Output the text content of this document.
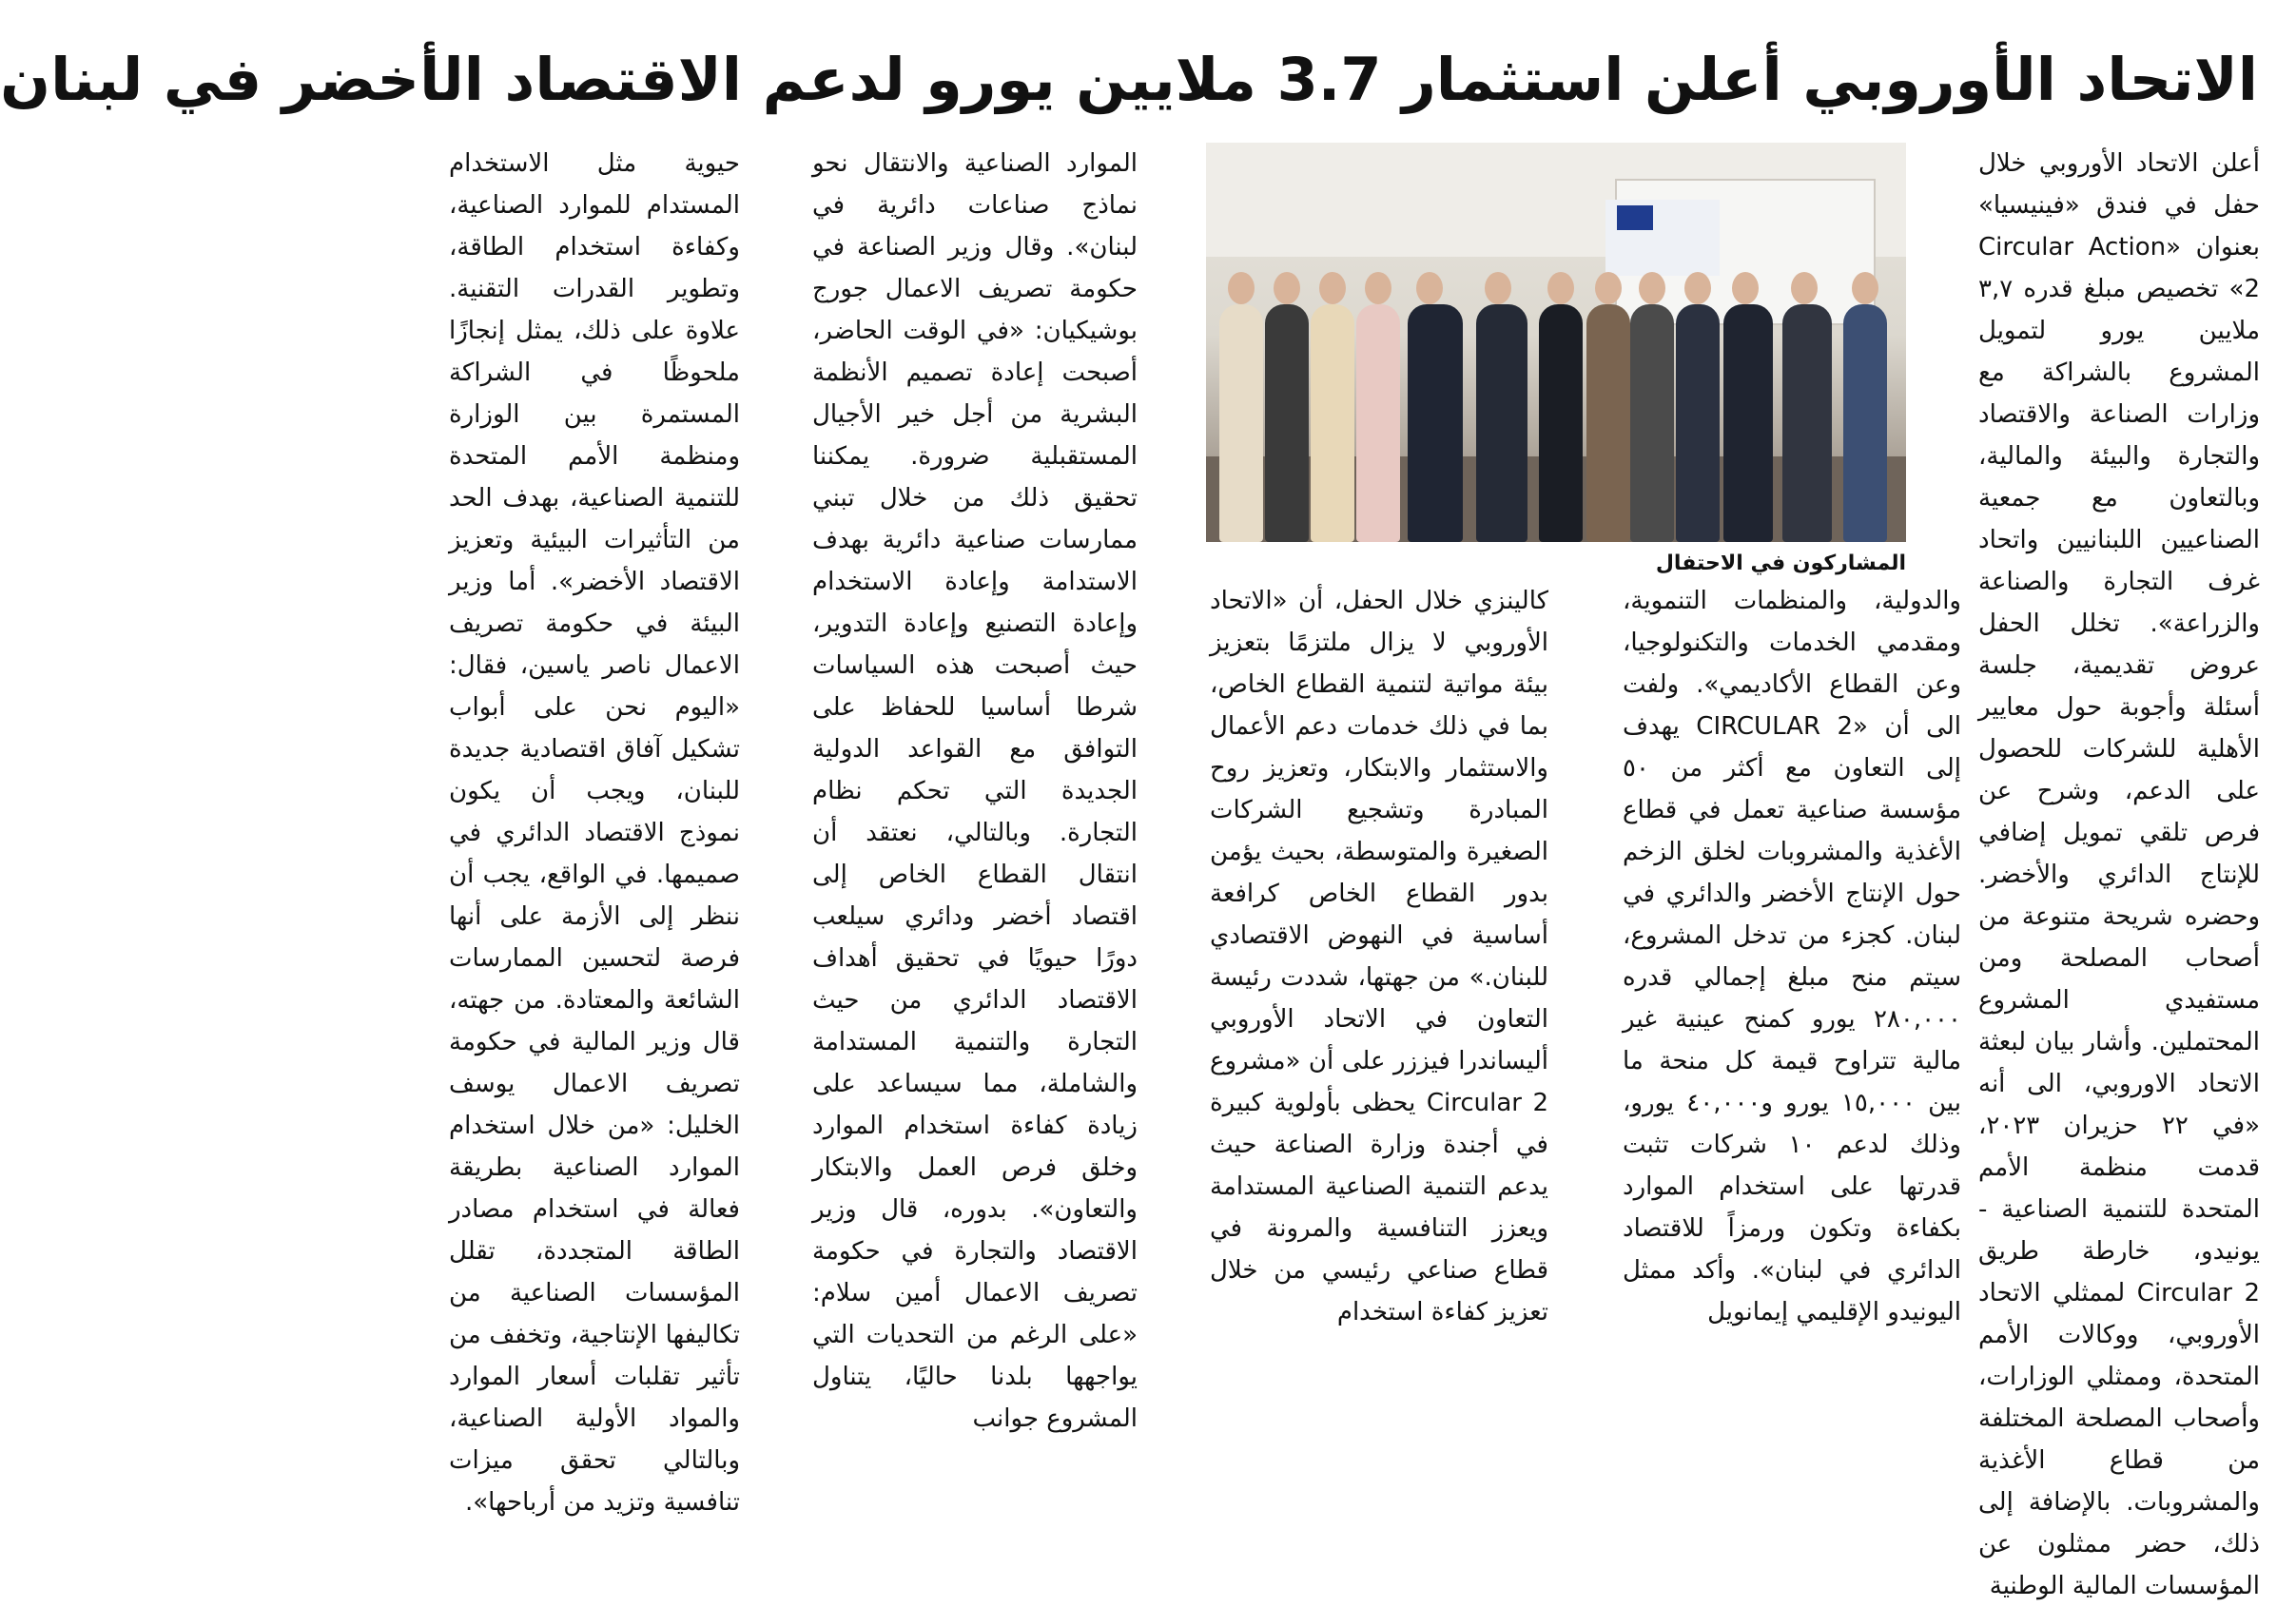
الاتحاد الأوروبي أعلن استثمار 3.7 ملايين يورو لدعم الاقتصاد الأخضر في لبنان

أعلن الاتحاد الأوروبي خلال حفل في فندق «فينيسيا» بعنوان «Circular Action 2» تخصيص مبلغ قدره ٣,٧ ملايين يورو لتمويل المشروع بالشراكة مع وزارات الصناعة والاقتصاد والتجارة والبيئة والمالية، وبالتعاون مع جمعية الصناعيين اللبنانيين واتحاد غرف التجارة والصناعة والزراعة». تخلل الحفل عروض تقديمية، جلسة أسئلة وأجوبة حول معايير الأهلية للشركات للحصول على الدعم، وشرح عن فرص تلقي تمويل إضافي للإنتاج الدائري والأخضر. وحضره شريحة متنوعة من أصحاب المصلحة ومن مستفيدي المشروع المحتملين. وأشار بيان لبعثة الاتحاد الاوروبي، الى أنه «في ٢٢ حزيران ٢٠٢٣، قدمت منظمة الأمم المتحدة للتنمية الصناعية - يونيدو، خارطة طريق Circular 2 لممثلي الاتحاد الأوروبي، ووكالات الأمم المتحدة، وممثلي الوزارات، وأصحاب المصلحة المختلفة من قطاع الأغذية والمشروبات. بالإضافة إلى ذلك، حضر ممثلون عن المؤسسات المالية الوطنية

المشاركون في الاحتفال

والدولية، والمنظمات التنموية، ومقدمي الخدمات والتكنولوجيا، وعن القطاع الأكاديمي». ولفت الى أن «CIRCULAR 2 يهدف إلى التعاون مع أكثر من ٥٠ مؤسسة صناعية تعمل في قطاع الأغذية والمشروبات لخلق الزخم حول الإنتاج الأخضر والدائري في لبنان. كجزء من تدخل المشروع، سيتم منح مبلغ إجمالي قدره ٢٨٠,٠٠٠ يورو كمنح عينية غير مالية تتراوح قيمة كل منحة ما بين ١٥,٠٠٠ يورو و٤٠,٠٠٠ يورو، وذلك لدعم ١٠ شركات تثبت قدرتها على استخدام الموارد بكفاءة وتكون ورمزاً للاقتصاد الدائري في لبنان». وأكد ممثل اليونيدو الإقليمي إيمانويل

كالينزي خلال الحفل، أن «الاتحاد الأوروبي لا يزال ملتزمًا بتعزيز بيئة مواتية لتنمية القطاع الخاص، بما في ذلك خدمات دعم الأعمال والاستثمار والابتكار، وتعزيز روح المبادرة وتشجيع الشركات الصغيرة والمتوسطة، بحيث يؤمن بدور القطاع الخاص كرافعة أساسية في النهوض الاقتصادي للبنان.» من جهتها، شددت رئيسة التعاون في الاتحاد الأوروبي أليساندرا فيززر على أن «مشروع Circular 2 يحظى بأولوية كبيرة في أجندة وزارة الصناعة حيث يدعم التنمية الصناعية المستدامة ويعزز التنافسية والمرونة في قطاع صناعي رئيسي من خلال تعزيز كفاءة استخدام

الموارد الصناعية والانتقال نحو نماذج صناعات دائرية في لبنان». وقال وزير الصناعة في حكومة تصريف الاعمال جورج بوشيكيان: «في الوقت الحاضر، أصبحت إعادة تصميم الأنظمة البشرية من أجل خير الأجيال المستقبلية ضرورة. يمكننا تحقيق ذلك من خلال تبني ممارسات صناعية دائرية بهدف الاستدامة وإعادة الاستخدام وإعادة التصنيع وإعادة التدوير، حيث أصبحت هذه السياسات شرطا أساسيا للحفاظ على التوافق مع القواعد الدولية الجديدة التي تحكم نظام التجارة. وبالتالي، نعتقد أن انتقال القطاع الخاص إلى اقتصاد أخضر ودائري سيلعب دورًا حيويًا في تحقيق أهداف الاقتصاد الدائري من حيث التجارة والتنمية المستدامة والشاملة، مما سيساعد على زيادة كفاءة استخدام الموارد وخلق فرص العمل والابتكار والتعاون». بدوره، قال وزير الاقتصاد والتجارة في حكومة تصريف الاعمال أمين سلام: «على الرغم من التحديات التي يواجهها بلدنا حاليًا، يتناول المشروع جوانب

حيوية مثل الاستخدام المستدام للموارد الصناعية، وكفاءة استخدام الطاقة، وتطوير القدرات التقنية. علاوة على ذلك، يمثل إنجازًا ملحوظًا في الشراكة المستمرة بين الوزارة ومنظمة الأمم المتحدة للتنمية الصناعية، بهدف الحد من التأثيرات البيئية وتعزيز الاقتصاد الأخضر». أما وزير البيئة في حكومة تصريف الاعمال ناصر ياسين، فقال: «اليوم نحن على أبواب تشكيل آفاق اقتصادية جديدة للبنان، ويجب أن يكون نموذج الاقتصاد الدائري في صميمها. في الواقع، يجب أن ننظر إلى الأزمة على أنها فرصة لتحسين الممارسات الشائعة والمعتادة. من جهته، قال وزير المالية في حكومة تصريف الاعمال يوسف الخليل: «من خلال استخدام الموارد الصناعية بطريقة فعالة في استخدام مصادر الطاقة المتجددة، تقلل المؤسسات الصناعية من تكاليفها الإنتاجية، وتخفف من تأثير تقلبات أسعار الموارد والمواد الأولية الصناعية، وبالتالي تحقق ميزات تنافسية وتزيد من أرباحها».
